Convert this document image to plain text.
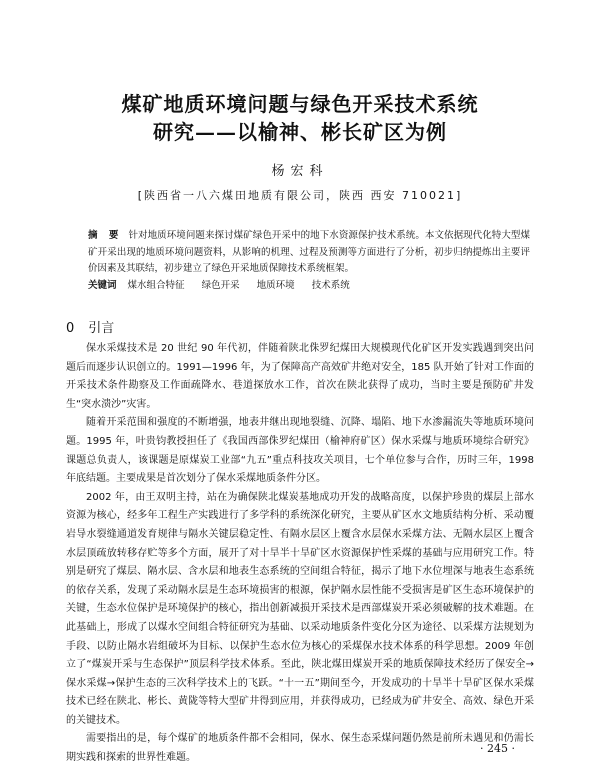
煤矿地质环境问题与绿色开采技术系统
研究——以榆神、彬长矿区为例
杨宏科
[陕西省一八六煤田地质有限公司，陕西 西安 710021]
摘 要 针对地质环境问题来探讨煤矿绿色开采中的地下水资源保护技术系统。本文依据现代化特大型煤矿开采出现的地质环境问题资料，从影响的机理、过程及预测等方面进行了分析，初步归纳提炼出主要评价因素及其联结，初步建立了绿色开采地质保障技术系统框架。
关键词 煤水组合特征 绿色开采 地质环境 技术系统
0 引言

保水采煤技术是 20 世纪 90 年代初，伴随着陕北侏罗纪煤田大规模现代化矿区开发实践遇到突出问题后而逐步认识创立的。1991—1996 年，为了保障高产高效矿井绝对安全，185 队开始了针对工作面的开采技术条件勘察及工作面疏降水、巷道探放水工作，首次在陕北获得了成功，当时主要是预防矿井发生“突水溃沙”灾害。

随着开采范围和强度的不断增强，地表井继出现地裂缝、沉降、塌陷、地下水渗漏流失等地质环境问题。1995 年，叶贵钧教授担任了《我国西部侏罗纪煤田（榆神府矿区）保水采煤与地质环境综合研究》课题总负责人，该课题是原煤炭工业部“九五”重点科技攻关项目，七个单位参与合作，历时三年，1998 年底结题。主要成果是首次划分了保水采煤地质条件分区。

2002 年，由王双明主持，站在为确保陕北煤炭基地成功开发的战略高度，以保护珍贵的煤层上部水资源为核心，经多年工程生产实践进行了多学科的系统深化研究，主要从矿区水文地质结构分析、采动覆岩导水裂缝通道发育规律与隔水关键层稳定性、有隔水层区上覆含水层保水采煤方法、无隔水层区上覆含水层顶疏放转移存贮等多个方面，展开了对十旱半十旱矿区水资源保护性采煤的基础与应用研究工作。特别是研究了煤层、隔水层、含水层和地表生态系统的空间组合特征，揭示了地下水位埋深与地表生态系统的依存关系，发现了采动隔水层是生态环境损害的根源，保护隔水层性能不受损害是矿区生态环境保护的关键，生态水位保护是环境保护的核心，指出创新减损开采技术是西部煤炭开采必须破解的技术难题。在此基础上，形成了以煤水空间组合特征研究为基础、以采动地质条件变化分区为途径、以采煤方法规划为手段、以防止隔水岩组破坏为目标、以保护生态水位为核心的采煤保水技术体系的科学思想。2009 年创立了“煤炭开采与生态保护”顶层科学技术体系。至此，陕北煤田煤炭开采的地质保障技术经历了保安全→保水采煤→保护生态的三次科学技术上的飞跃。“十一五”期间至今，开发成功的十旱半十旱矿区保水采煤技术已经在陕北、彬长、黄陇等特大型矿井得到应用，并获得成功，已经成为矿井安全、高效、绿色开采的关键技术。

需要指出的是，每个煤矿的地质条件都不会相同，保水、保生态采煤问题仍然是前所未遇见和仍需长期实践和探索的世界性难题。

· 245 ·
